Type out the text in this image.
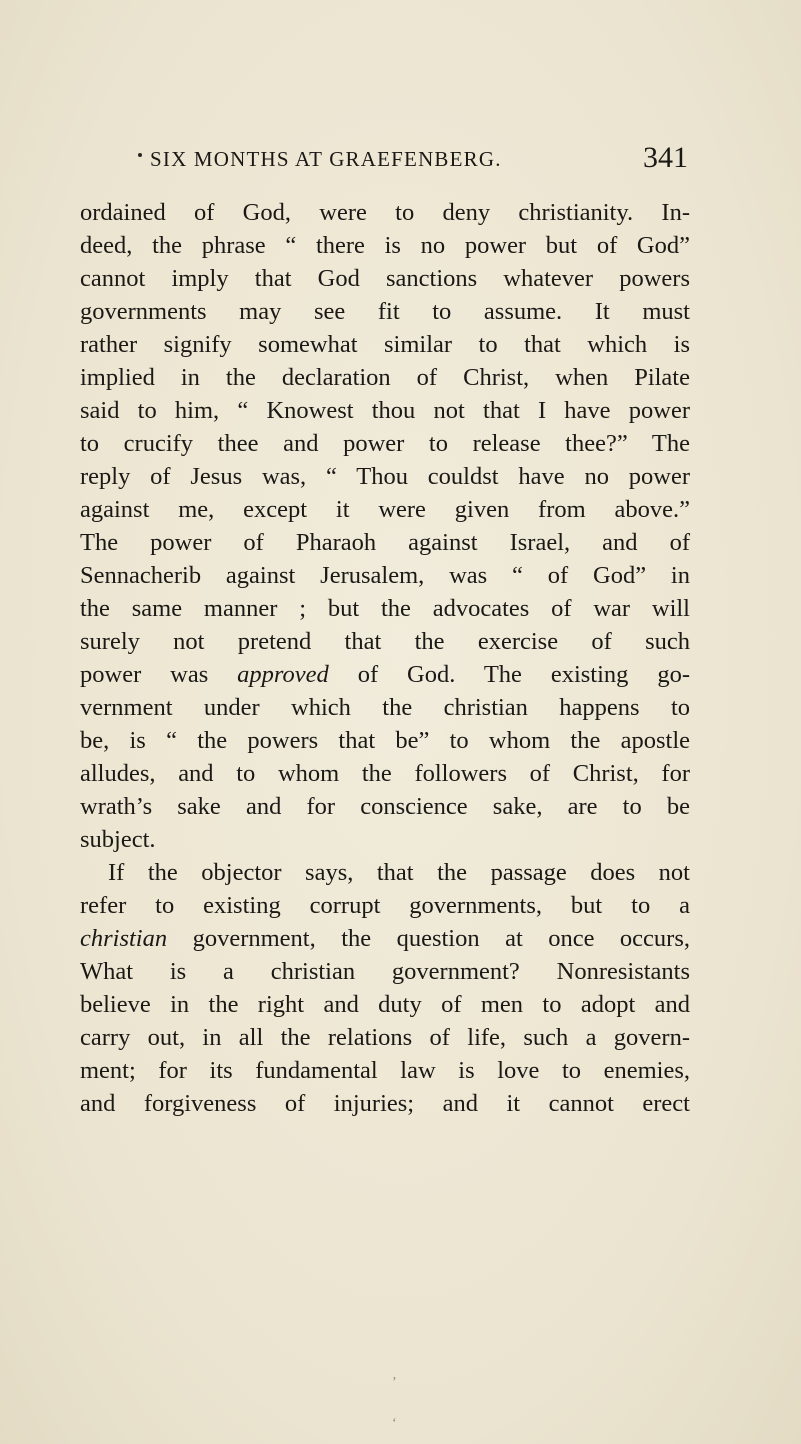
SIX MONTHS AT GRAEFENBERG.	341
ordained of God, were to deny christianity. In-
deed, the phrase “ there is no power but of God”
cannot imply that God sanctions whatever powers
governments may see fit to assume. It must
rather signify somewhat similar to that which is
implied in the declaration of Christ, when Pilate
said to him, “ Knowest thou not that I have power
to crucify thee and power to release thee?” The
reply of Jesus was, “ Thou couldst have no power
against me, except it were given from above.”
The power of Pharaoh against Israel, and of
Sennacherib against Jerusalem, was “ of God” in
the same manner ; but the advocates of war will
surely not pretend that the exercise of such
power was approved of God. The existing go-
vernment under which the christian happens to
be, is “ the powers that be” to whom the apostle
alludes, and to whom the followers of Christ, for
wrath’s sake and for conscience sake, are to be
subject.
If the objector says, that the passage does not
refer to existing corrupt governments, but to a
christian government, the question at once occurs,
What is a christian government? Nonresistants
believe in the right and duty of men to adopt and
carry out, in all the relations of life, such a govern-
ment; for its fundamental law is love to enemies,
and forgiveness of injuries; and it cannot erect
ʼ
ʻ
